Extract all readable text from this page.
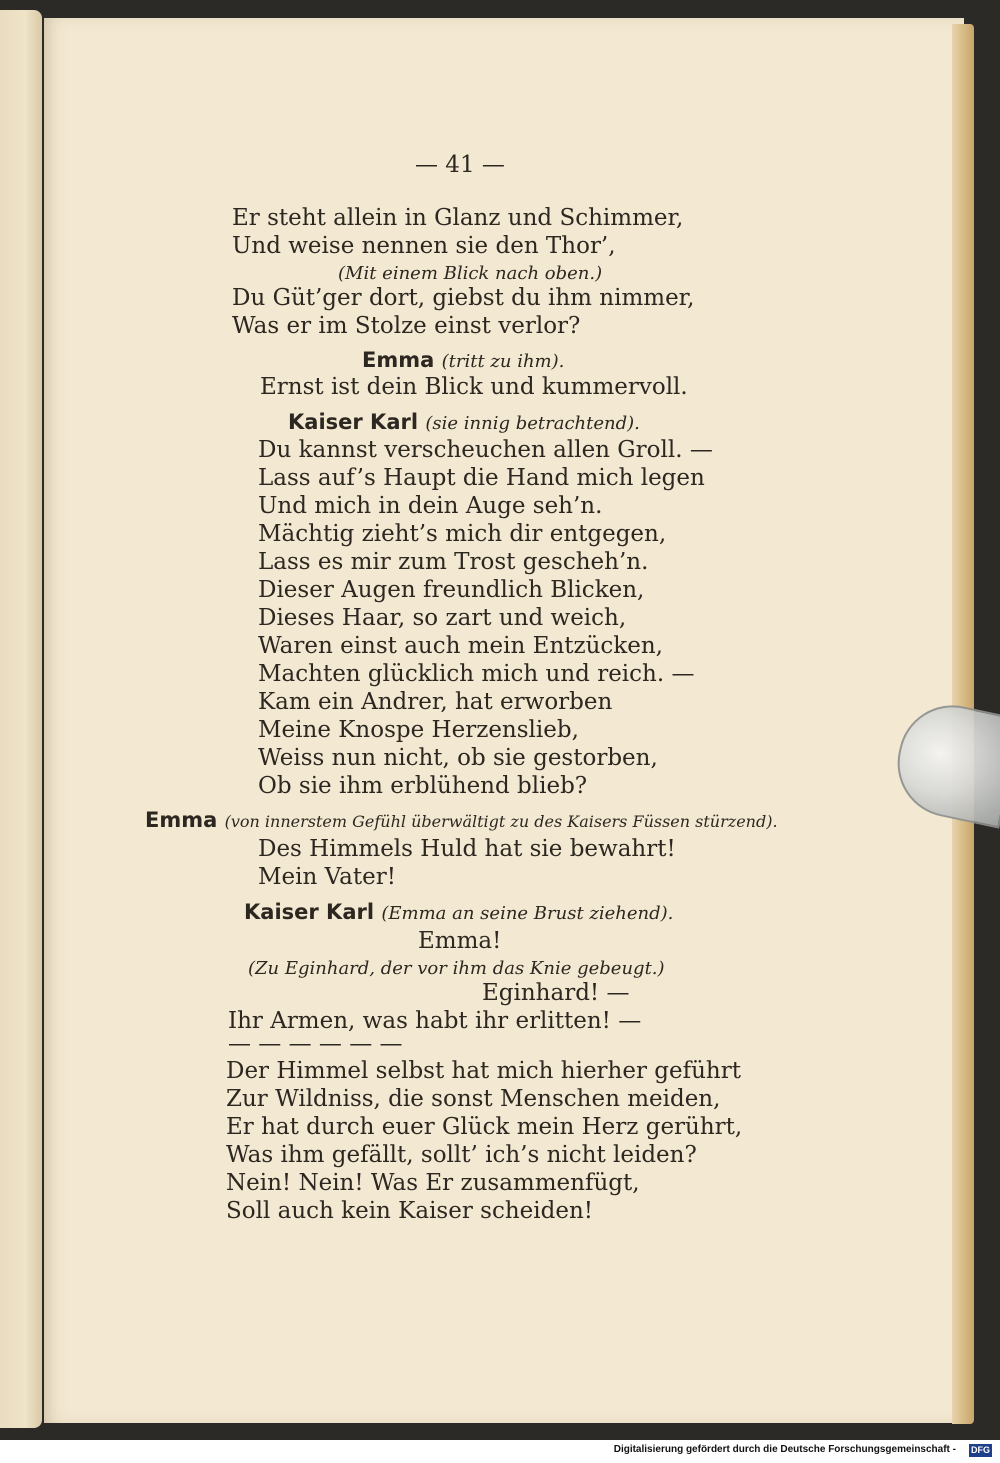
— 41 —
Er steht allein in Glanz und Schimmer,
Und weise nennen sie den Thor’,
(Mit einem Blick nach oben.)
Du Güt’ger dort, giebst du ihm nimmer,
Was er im Stolze einst verlor?
Emma (tritt zu ihm).
Ernst ist dein Blick und kummervoll.
Kaiser Karl (sie innig betrachtend).
Du kannst verscheuchen allen Groll. —
Lass auf’s Haupt die Hand mich legen
Und mich in dein Auge seh’n.
Mächtig zieht’s mich dir entgegen,
Lass es mir zum Trost gescheh’n.
Dieser Augen freundlich Blicken,
Dieses Haar, so zart und weich,
Waren einst auch mein Entzücken,
Machten glücklich mich und reich. —
Kam ein Andrer, hat erworben
Meine Knospe Herzenslieb,
Weiss nun nicht, ob sie gestorben,
Ob sie ihm erblühend blieb?
Emma (von innerstem Gefühl überwältigt zu des Kaisers Füssen stürzend).
Des Himmels Huld hat sie bewahrt!
Mein Vater!
Kaiser Karl (Emma an seine Brust ziehend).
Emma!
(Zu Eginhard, der vor ihm das Knie gebeugt.)
Eginhard! —
Ihr Armen, was habt ihr erlitten! —
— — — — — —
Der Himmel selbst hat mich hierher geführt
Zur Wildniss, die sonst Menschen meiden,
Er hat durch euer Glück mein Herz gerührt,
Was ihm gefällt, sollt’ ich’s nicht leiden?
Nein! Nein! Was Er zusammenfügt,
Soll auch kein Kaiser scheiden!
Digitalisierung gefördert durch die Deutsche Forschungsgemeinschaft - DFG
